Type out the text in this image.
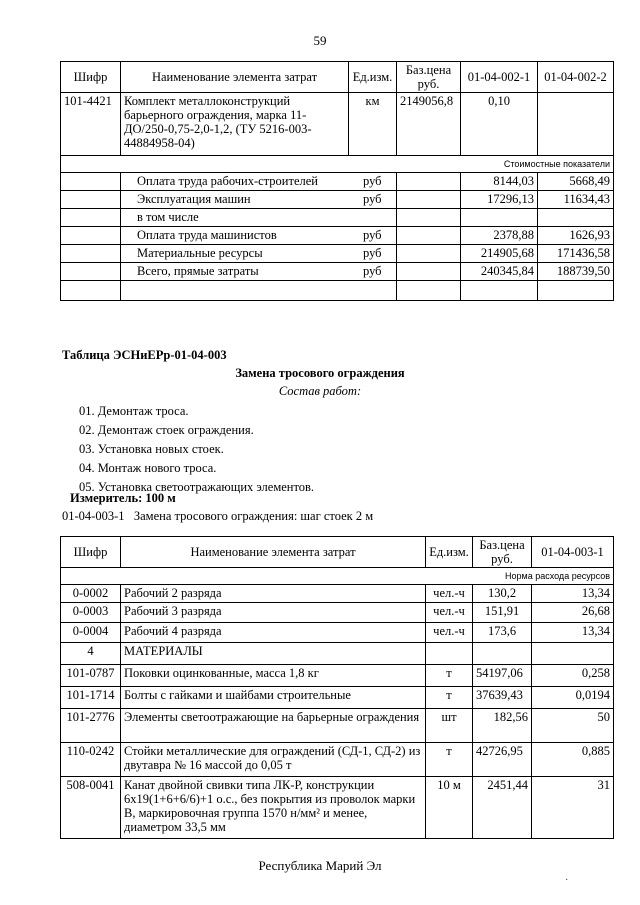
59
Шифр	Наименование элемента затрат	Ед.изм.	Баз.цена руб.	01-04-002-1	01-04-002-2
101-4421	Комплект металлоконструкций барьерного ограждения, марка 11-ДО/250-0,75-2,0-1,2, (ТУ 5216-003-44884958-04)	км	2149056,8	0,10	
Стоимостные показатели					
	Оплата труда рабочих-строителей	руб		8144,03	5668,49
	Эксплуатация машин	руб		17296,13	11634,43
	в том числе				
	Оплата труда машинистов	руб		2378,88	1626,93
	Материальные ресурсы	руб		214905,68	171436,58
	Всего, прямые затраты	руб		240345,84	188739,50

Таблица ЭСНиЕРр-01-04-003
Замена тросового ограждения
Состав работ:
01. Демонтаж троса.
02. Демонтаж стоек ограждения.
03. Установка новых стоек.
04. Монтаж нового троса.
05. Установка светоотражающих элементов.
Измеритель: 100 м
01-04-003-1 Замена тросового ограждения: шаг стоек 2 м
Шифр	Наименование элемента затрат	Ед.изм.	Баз.цена руб.	01-04-003-1
Норма расхода ресурсов				
0-0002	Рабочий 2 разряда	чел.-ч	130,2	13,34
0-0003	Рабочий 3 разряда	чел.-ч	151,91	26,68
0-0004	Рабочий 4 разряда	чел.-ч	173,6	13,34
4	МАТЕРИАЛЫ			
101-0787	Поковки оцинкованные, масса 1,8 кг	т	54197,06	0,258
101-1714	Болты с гайками и шайбами строительные	т	37639,43	0,0194
101-2776	Элементы светоотражающие на барьерные ограждения	шт	182,56	50
110-0242	Стойки металлические для ограждений (СД-1, СД-2) из двутавра № 16 массой до 0,05 т	т	42726,95	0,885
508-0041	Канат двойной свивки типа ЛК-Р, конструкции 6х19(1+6+6/6)+1 о.с., без покрытия из проволок марки В, маркировочная группа 1570 н/мм² и менее, диаметром 33,5 мм	10 м	2451,44	31
Республика Марий Эл
·
